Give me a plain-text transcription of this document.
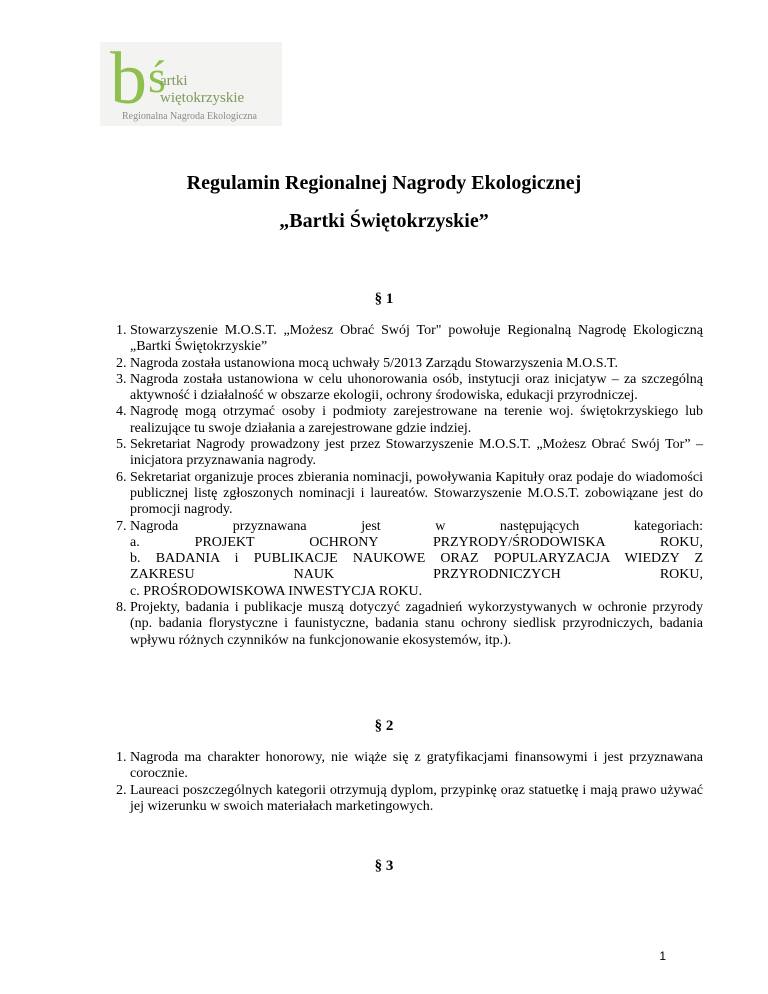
b ś
artki
więtokrzyskie
Regionalna Nagroda Ekologiczna
Regulamin Regionalnej Nagrody Ekologicznej
„Bartki Świętokrzyskie”
§ 1
1. Stowarzyszenie M.O.S.T. „Możesz Obrać Swój Tor" powołuje Regionalną Nagrodę Ekologiczną „Bartki Świętokrzyskie”
2. Nagroda została ustanowiona mocą uchwały 5/2013 Zarządu Stowarzyszenia M.O.S.T.
3. Nagroda została ustanowiona w celu uhonorowania osób, instytucji oraz inicjatyw – za szczególną aktywność i działalność w obszarze ekologii, ochrony środowiska, edukacji przyrodniczej.
4. Nagrodę mogą otrzymać osoby i podmioty zarejestrowane na terenie woj. świętokrzyskiego lub realizujące tu swoje działania a zarejestrowane gdzie indziej.
5. Sekretariat Nagrody prowadzony jest przez Stowarzyszenie M.O.S.T. „Możesz Obrać Swój Tor” – inicjatora przyznawania nagrody.
6. Sekretariat organizuje proces zbierania nominacji, powoływania Kapituły oraz podaje do wiadomości publicznej listę zgłoszonych nominacji i laureatów. Stowarzyszenie M.O.S.T. zobowiązane jest do promocji nagrody.
7. Nagroda przyznawana jest w następujących kategoriach:
a. PROJEKT OCHRONY PRZYRODY/ŚRODOWISKA ROKU,
b. BADANIA i PUBLIKACJE NAUKOWE ORAZ POPULARYZACJA WIEDZY Z
ZAKRESU NAUK PRZYRODNICZYCH ROKU,
c. PROŚRODOWISKOWA INWESTYCJA ROKU.
8. Projekty, badania i publikacje muszą dotyczyć zagadnień wykorzystywanych w ochronie przyrody (np. badania florystyczne i faunistyczne, badania stanu ochrony siedlisk przyrodniczych, badania wpływu różnych czynników na funkcjonowanie ekosystemów, itp.).
§ 2
1. Nagroda ma charakter honorowy, nie wiąże się z gratyfikacjami finansowymi i jest przyznawana corocznie.
2. Laureaci poszczególnych kategorii otrzymują dyplom, przypinkę oraz statuetkę i mają prawo używać jej wizerunku w swoich materiałach marketingowych.
§ 3
1
